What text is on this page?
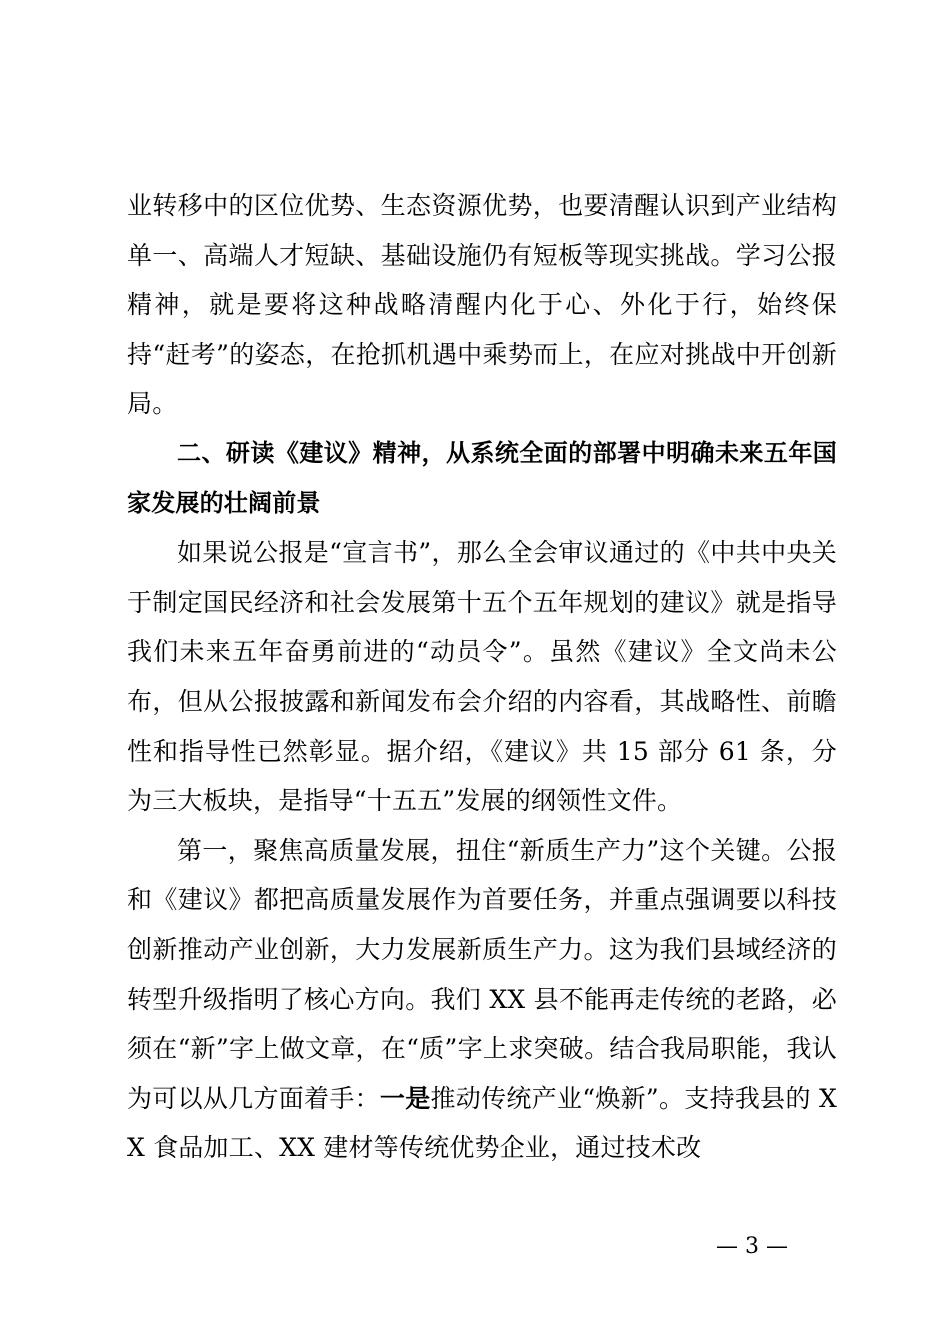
业转移中的区位优势、生态资源优势，也要清醒认识到产业结构单一、高端人才短缺、基础设施仍有短板等现实挑战。学习公报精神，就是要将这种战略清醒内化于心、外化于行，始终保持“赶考”的姿态，在抢抓机遇中乘势而上，在应对挑战中开创新局。

二、研读《建议》精神，从系统全面的部署中明确未来五年国家发展的壮阔前景

如果说公报是“宣言书”，那么全会审议通过的《中共中央关于制定国民经济和社会发展第十五个五年规划的建议》就是指导我们未来五年奋勇前进的“动员令”。虽然《建议》全文尚未公布，但从公报披露和新闻发布会介绍的内容看，其战略性、前瞻性和指导性已然彰显。据介绍，《建议》共 15 部分 61 条，分为三大板块，是指导“十五五”发展的纲领性文件。

第一，聚焦高质量发展，扭住“新质生产力”这个关键。公报和《建议》都把高质量发展作为首要任务，并重点强调要以科技创新推动产业创新，大力发展新质生产力。这为我们县域经济的转型升级指明了核心方向。我们 XX 县不能再走传统的老路，必须在“新”字上做文章，在“质”字上求突破。结合我局职能，我认为可以从几方面着手：一是推动传统产业“焕新”。支持我县的 XX 食品加工、XX 建材等传统优势企业，通过技术改

— 3 —
